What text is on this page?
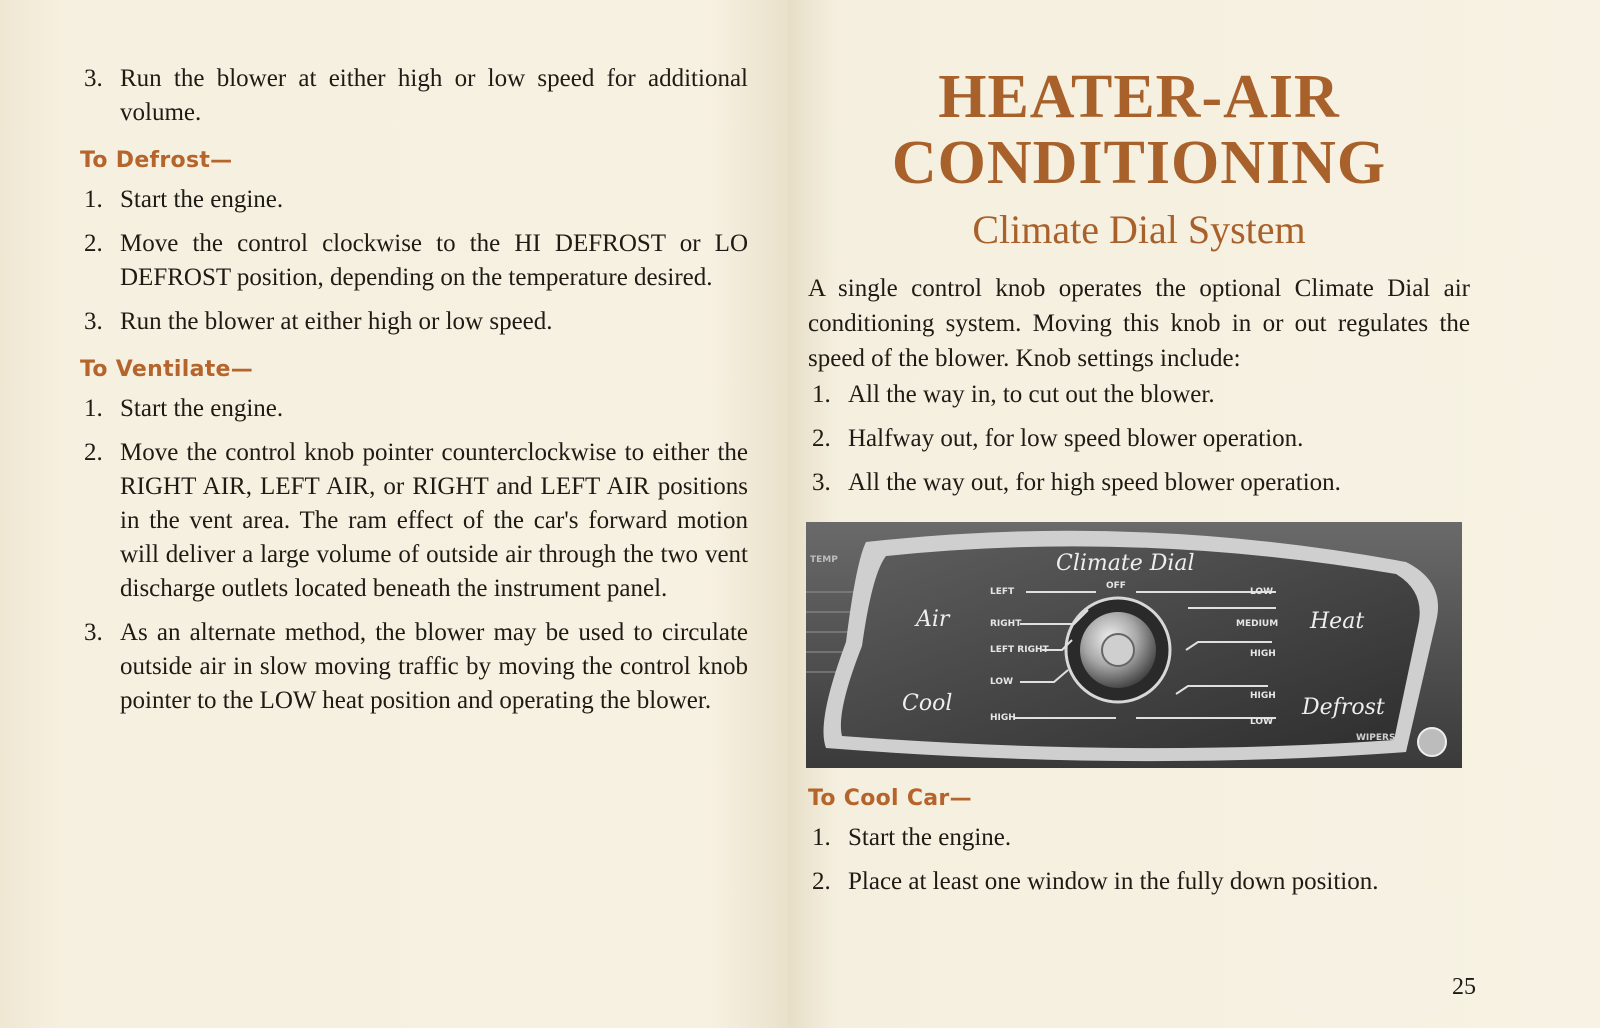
3. Run the blower at either high or low speed for additional volume.
To Defrost—
1. Start the engine.
2. Move the control clockwise to the HI DEFROST or LO DEFROST position, depending on the temperature desired.
3. Run the blower at either high or low speed.
To Ventilate—
1. Start the engine.
2. Move the control knob pointer counterclockwise to either the RIGHT AIR, LEFT AIR, or RIGHT and LEFT AIR positions in the vent area. The ram effect of the car's forward motion will deliver a large volume of outside air through the two vent discharge outlets located beneath the instrument panel.
3. As an alternate method, the blower may be used to circulate outside air in slow moving traffic by moving the control knob pointer to the LOW heat position and operating the blower.
HEATER-AIR
CONDITIONING
Climate Dial System

A single control knob operates the optional Climate Dial air conditioning system. Moving this knob in or out regulates the speed of the blower. Knob settings include:

1. All the way in, to cut out the blower.
2. Halfway out, for low speed blower operation.
3. All the way out, for high speed blower operation.
LEFT
RIGHT
LEFT RIGHT
LOW
HIGH
OFF
LOW
MEDIUM
HIGH
HIGH
LOW
TEMP
WIPERS
Climate Dial
Air
Cool
Heat
Defrost
To Cool Car—
1. Start the engine.
2. Place at least one window in the fully down position.
25
